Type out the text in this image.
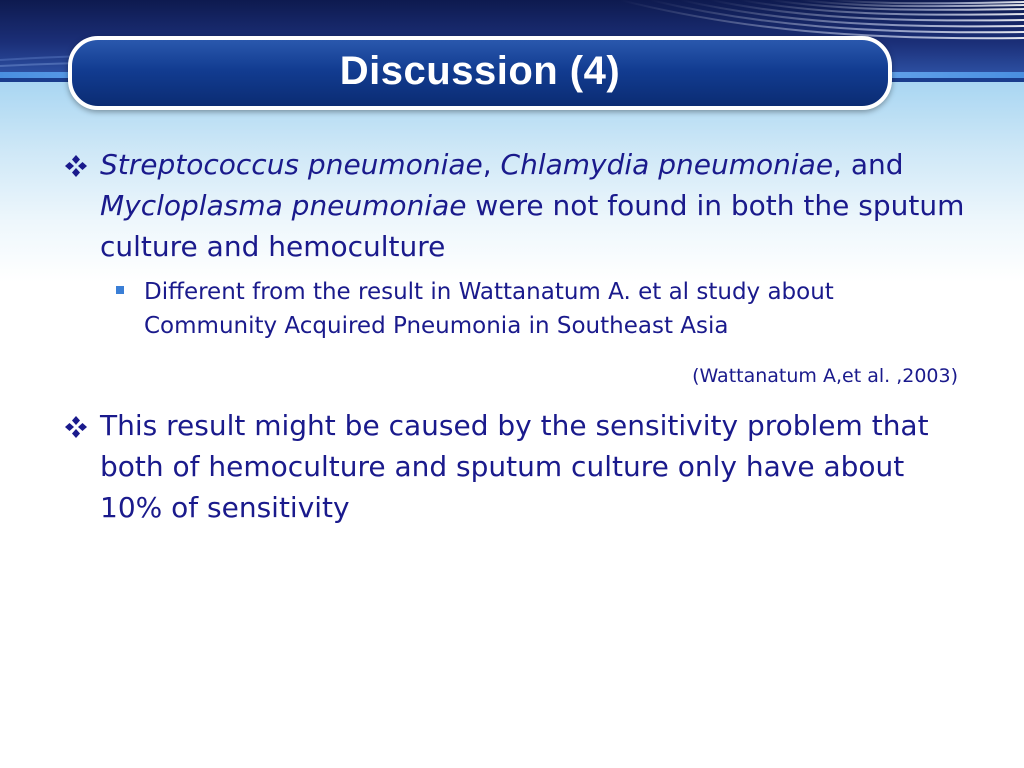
Discussion (4)
Streptococcus pneumoniae, Chlamydia pneumoniae, and Mycloplasma pneumoniae were not found in both the sputum culture and hemoculture
Different from the result in Wattanatum A. et al study about Community Acquired Pneumonia in Southeast Asia
(Wattanatum A,et al. ,2003)
This result might be caused by the sensitivity problem that both of hemoculture and sputum culture only have about 10% of sensitivity
